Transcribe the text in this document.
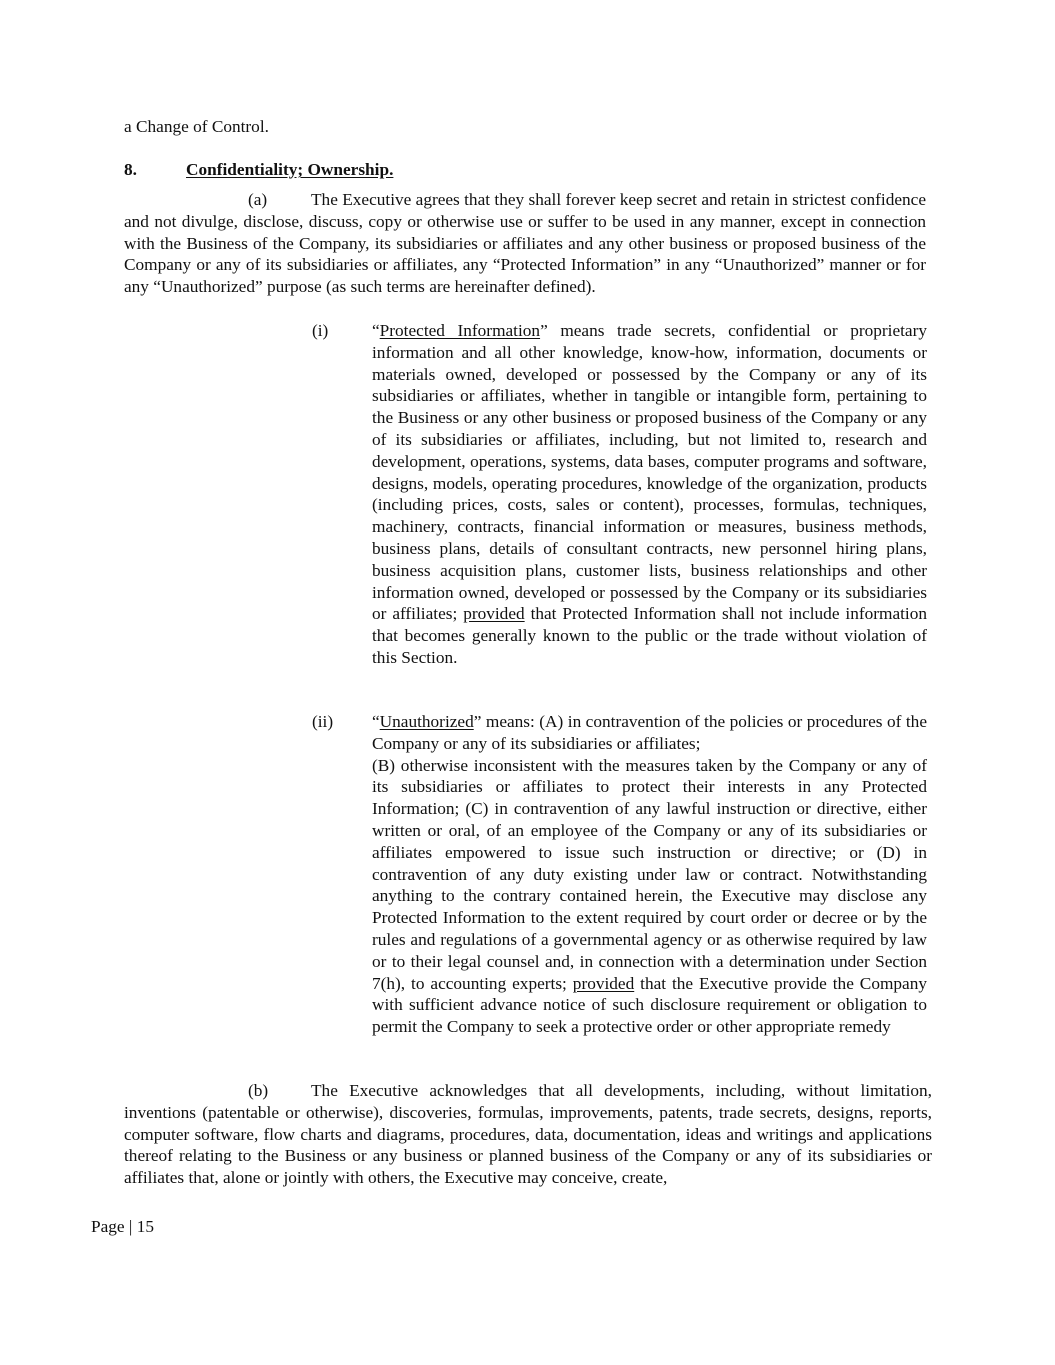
a Change of Control.

8.	Confidentiality; Ownership.

(a)	The Executive agrees that they shall forever keep secret and retain in strictest confidence and not divulge, disclose, discuss, copy or otherwise use or suffer to be used in any manner, except in connection with the Business of the Company, its subsidiaries or affiliates and any other business or proposed business of the Company or any of its subsidiaries or affiliates, any “Protected Information” in any “Unauthorized” manner or for any “Unauthorized” purpose (as such terms are hereinafter defined).

(i)	“Protected Information” means trade secrets, confidential or proprietary information and all other knowledge, know-how, information, documents or materials owned, developed or possessed by the Company or any of its subsidiaries or affiliates, whether in tangible or intangible form, pertaining to the Business or any other business or proposed business of the Company or any of its subsidiaries or affiliates, including, but not limited to, research and development, operations, systems, data bases, computer programs and software, designs, models, operating procedures, knowledge of the organization, products (including prices, costs, sales or content), processes, formulas, techniques, machinery, contracts, financial information or measures, business methods, business plans, details of consultant contracts, new personnel hiring plans, business acquisition plans, customer lists, business relationships and other information owned, developed or possessed by the Company or its subsidiaries or affiliates; provided that Protected Information shall not include information that becomes generally known to the public or the trade without violation of this Section.

(ii) “Unauthorized” means: (A) in contravention of the policies or procedures of the Company or any of its subsidiaries or affiliates;

(B) otherwise inconsistent with the measures taken by the Company or any of its subsidiaries or affiliates to protect their interests in any Protected Information; (C) in contravention of any lawful instruction or directive, either written or oral, of an employee of the Company or any of its subsidiaries or affiliates empowered to issue such instruction or directive; or (D) in contravention of any duty existing under law or contract. Notwithstanding anything to the contrary contained herein, the Executive may disclose any Protected Information to the extent required by court order or decree or by the rules and regulations of a governmental agency or as otherwise required by law or to their legal counsel and, in connection with a determination under Section 7(h), to accounting experts; provided that the Executive provide the Company with sufficient advance notice of such disclosure requirement or obligation to permit the Company to seek a protective order or other appropriate remedy

(b) The Executive acknowledges that all developments, including, without limitation, inventions (patentable or otherwise), discoveries, formulas, improvements, patents, trade secrets, designs, reports, computer software, flow charts and diagrams, procedures, data, documentation, ideas and writings and applications thereof relating to the Business or any business or planned business of the Company or any of its subsidiaries or affiliates that, alone or jointly with others, the Executive may conceive, create,

Page | 15
